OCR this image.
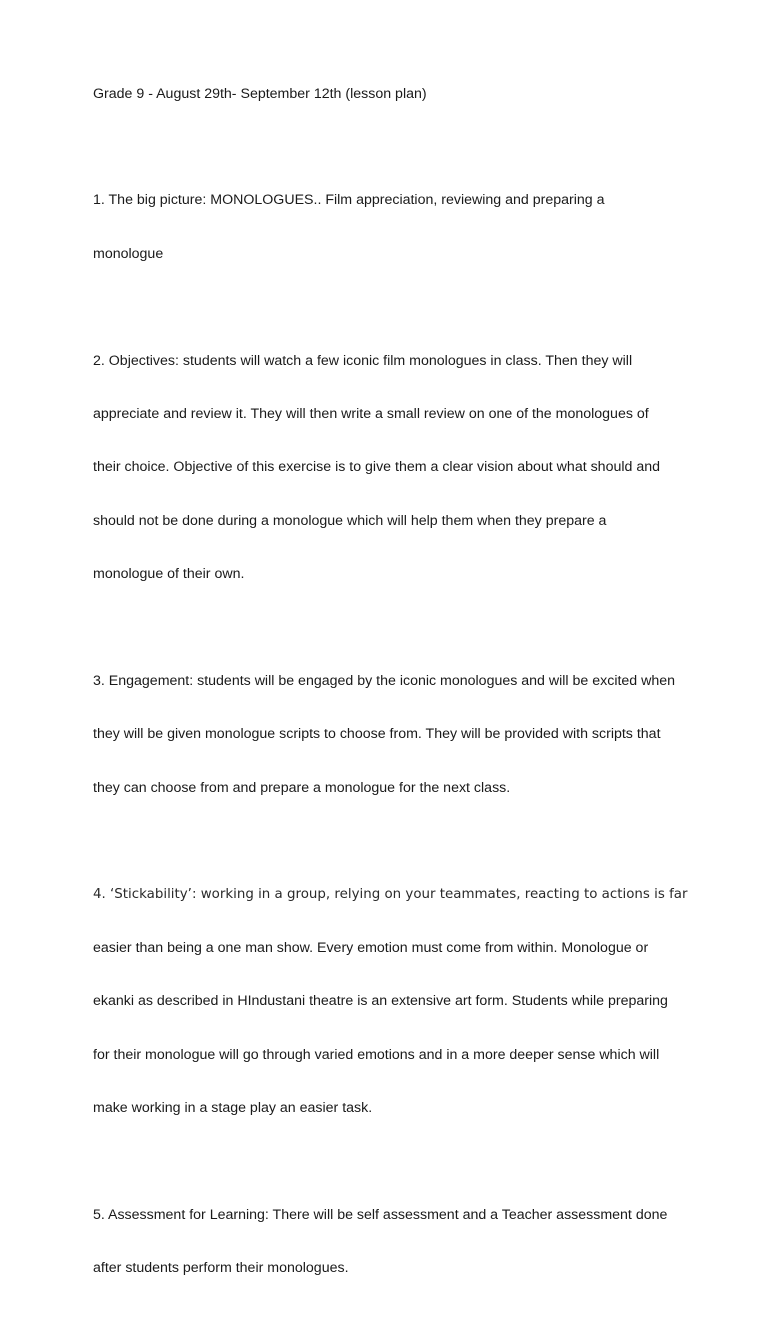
Grade 9 - August 29th- September 12th (lesson plan)

1. The big picture: MONOLOGUES.. Film appreciation, reviewing and preparing a

monologue

2. Objectives: students will watch a few iconic film monologues in class. Then they will

appreciate and review it. They will then write a small review on one of the monologues of

their choice. Objective of this exercise is to give them a clear vision about what should and

should not be done during a monologue which will help them when they prepare a

monologue of their own.

3. Engagement: students will be engaged by the iconic monologues and will be excited when

they will be given monologue scripts to choose from. They will be provided with scripts that

they can choose from and prepare a monologue for the next class.

4. ‘Stickability’: working in a group, relying on your teammates, reacting to actions is far

easier than being a one man show. Every emotion must come from within. Monologue or

ekanki as described in HIndustani theatre is an extensive art form. Students while preparing

for their monologue will go through varied emotions and in a more deeper sense which will

make working in a stage play an easier task.

5. Assessment for Learning: There will be self assessment and a Teacher assessment done

after students perform their monologues.
